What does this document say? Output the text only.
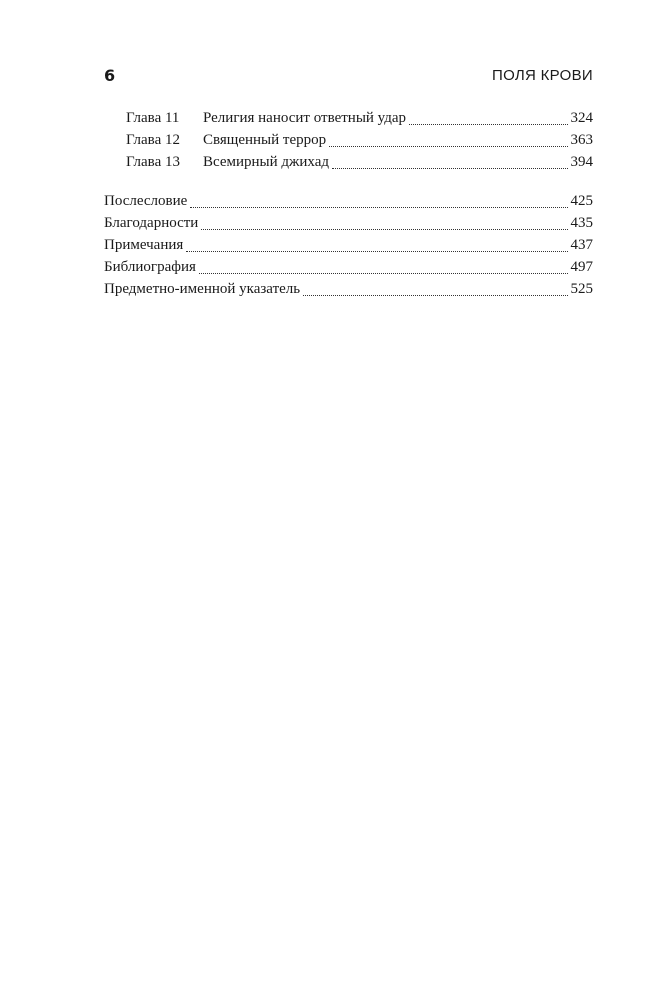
6	ПОЛЯ КРОВИ
Глава 11	Религия наносит ответный удар	324
Глава 12	Священный террор	363
Глава 13	Всемирный джихад	394
Послесловие	425
Благодарности	435
Примечания	437
Библиография	497
Предметно-именной указатель	525
